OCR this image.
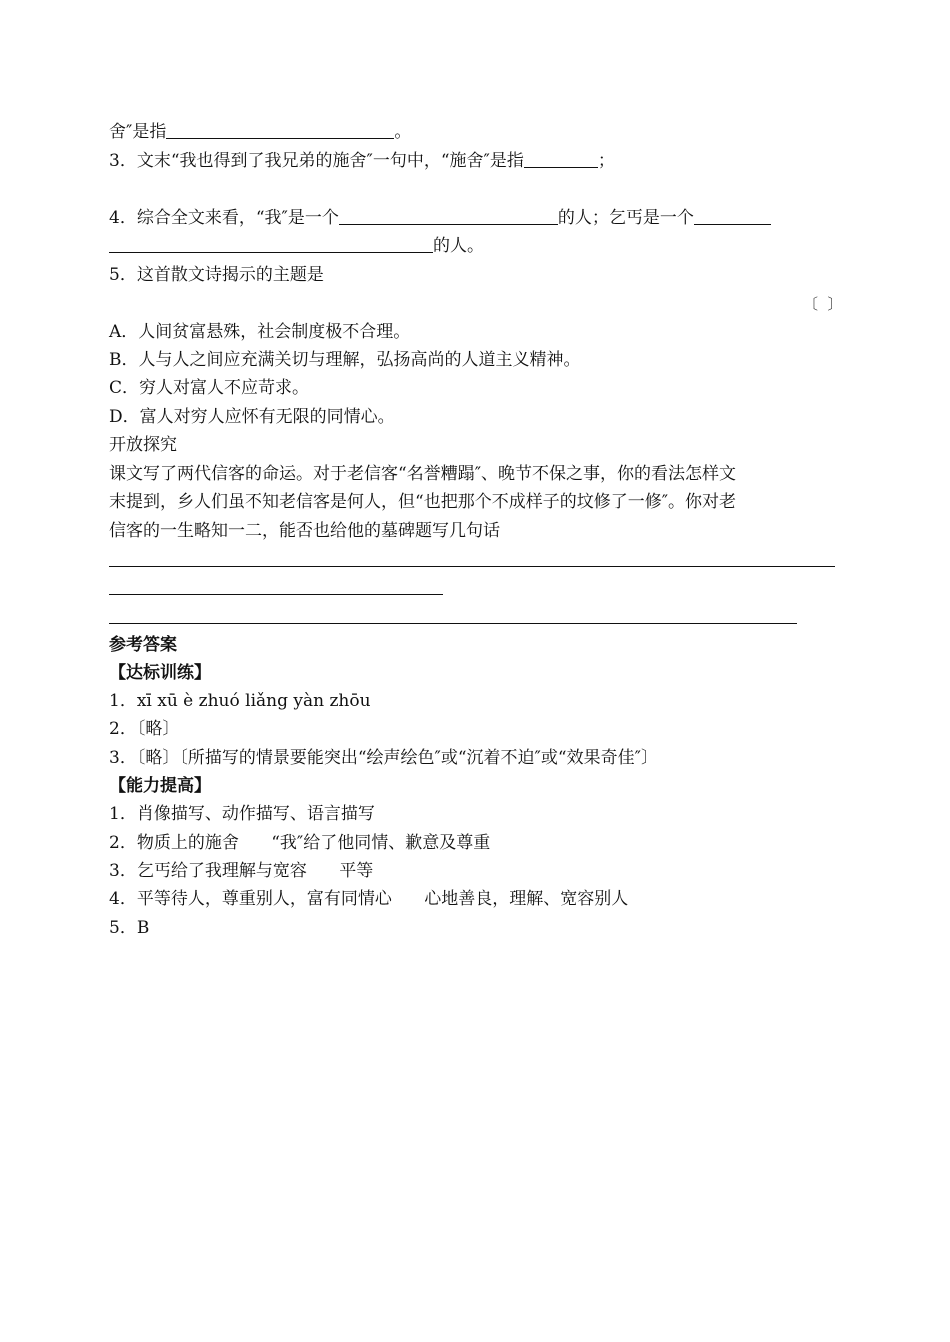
舍″是指	。
3．文末“我也得到了我兄弟的施舍″一句中，“施舍″是指	；
4．综合全文来看，“我″是一个	的人；乞丐是一个
的人。
5．这首散文诗揭示的主题是
〔  〕
A．人间贫富悬殊，社会制度极不合理。
B．人与人之间应充满关切与理解，弘扬高尚的人道主义精神。
C．穷人对富人不应苛求。
D．富人对穷人应怀有无限的同情心。
开放探究
课文写了两代信客的命运。对于老信客“名誉糟蹋″、晚节不保之事，你的看法怎样文
末提到，乡人们虽不知老信客是何人，但“也把那个不成样子的坟修了一修″。你对老
信客的一生略知一二，能否也给他的墓碑题写几句话
参考答案
【达标训练】
1．xī xū è zhuó liǎng yàn zhōu
2．〔略〕
3．〔略〕〔所描写的情景要能突出“绘声绘色″或“沉着不迫″或“效果奇佳″〕
【能力提高】
1．肖像描写、动作描写、语言描写
2．物质上的施舍      “我″给了他同情、歉意及尊重
3．乞丐给了我理解与宽容      平等
4．平等待人，尊重别人，富有同情心      心地善良，理解、宽容别人
5．B
